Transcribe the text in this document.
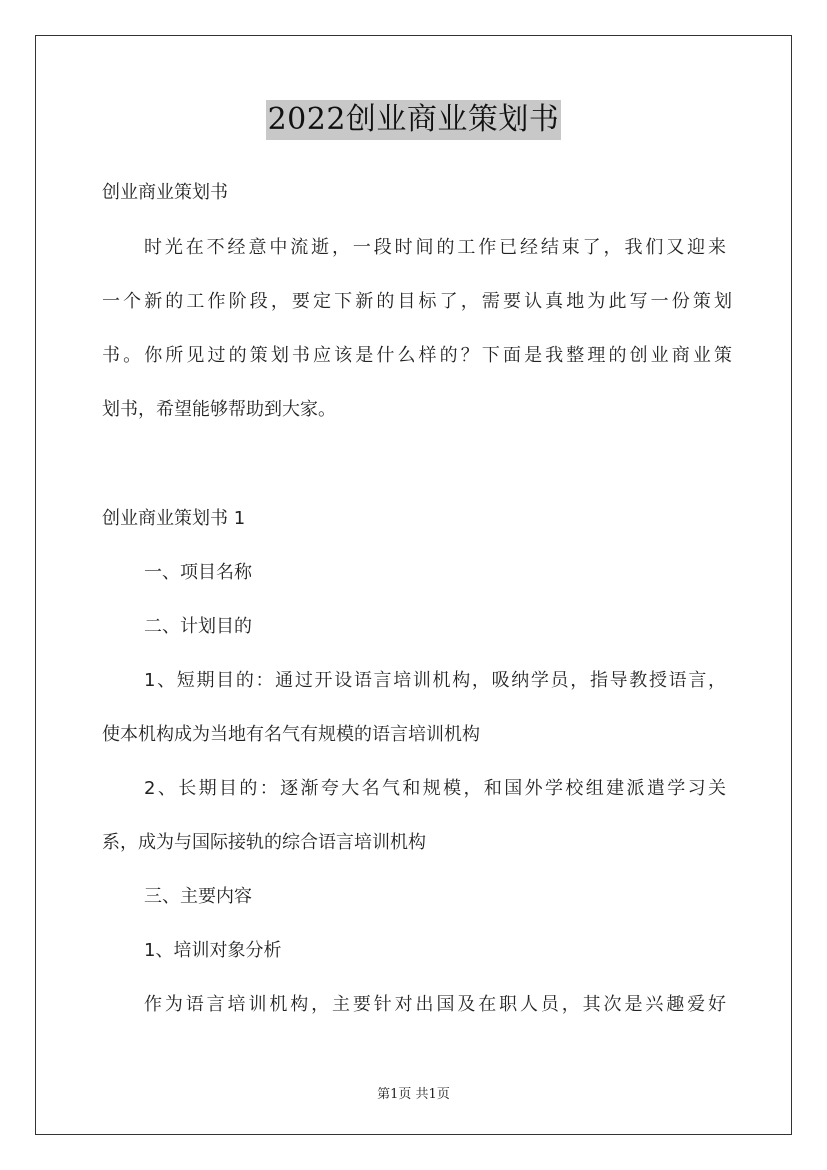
2022创业商业策划书
创业商业策划书
时光在不经意中流逝，一段时间的工作已经结束了，我们又迎来
一个新的工作阶段，要定下新的目标了，需要认真地为此写一份策划
书。你所见过的策划书应该是什么样的？下面是我整理的创业商业策
划书，希望能够帮助到大家。
创业商业策划书 1
一、项目名称
二、计划目的
1、短期目的：通过开设语言培训机构，吸纳学员，指导教授语言，
使本机构成为当地有名气有规模的语言培训机构
2、长期目的：逐渐夸大名气和规模，和国外学校组建派遣学习关
系，成为与国际接轨的综合语言培训机构
三、主要内容
1、培训对象分析
作为语言培训机构，主要针对出国及在职人员，其次是兴趣爱好
第1页 共1页
